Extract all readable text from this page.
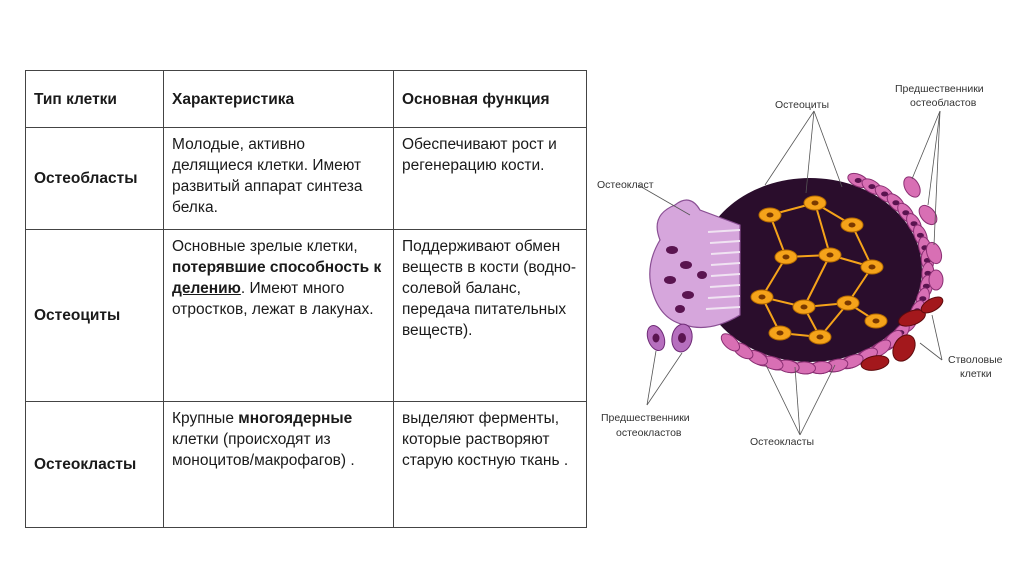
Тип клетки	Характеристика	Основная функция
Остеобласты	Молодые, активно делящиеся клетки. Имеют развитый аппарат синтеза белка.	Обеспечивают рост и регенерацию кости.
Остеоциты	Основные зрелые клетки, потерявшие способность к делению. Имеют много отростков, лежат в лакунах.	Поддерживают обмен веществ в кости (водно-солевой баланс, передача питательных веществ).
Остеокласты	Крупные многоядерные клетки (происходят из моноцитов/макрофагов) .	выделяют ферменты, которые растворяют старую костную ткань .
Остеоциты
Предшественники
остеобластов
Остеокласт
Стволовые
клетки
Предшественники
остеокластов
Остеокласты
